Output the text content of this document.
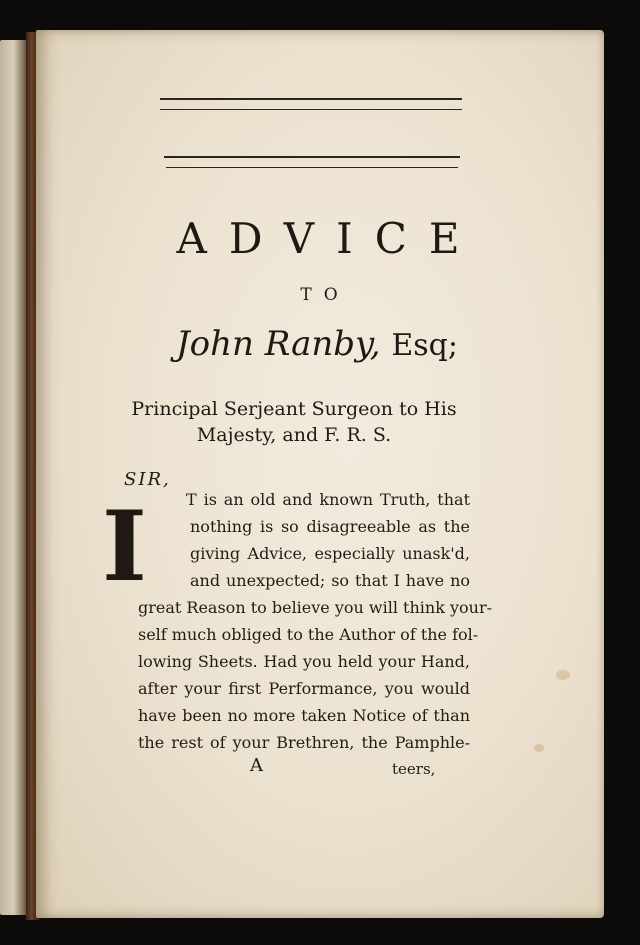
ADVICE
TO
John Ranby, Esq;
Principal Serjeant Surgeon to His
Majesty, and F. R. S.
SIR,
I T is an old and known Truth, that
nothing is so disagreeable as the
giving Advice, especially unask'd,
and unexpected; so that I have no
great Reason to believe you will think your-
self much obliged to the Author of the fol-
lowing Sheets. Had you held your Hand,
after your first Performance, you would
have been no more taken Notice of than
the rest of your Brethren, the Pamphle-
A	teers,
